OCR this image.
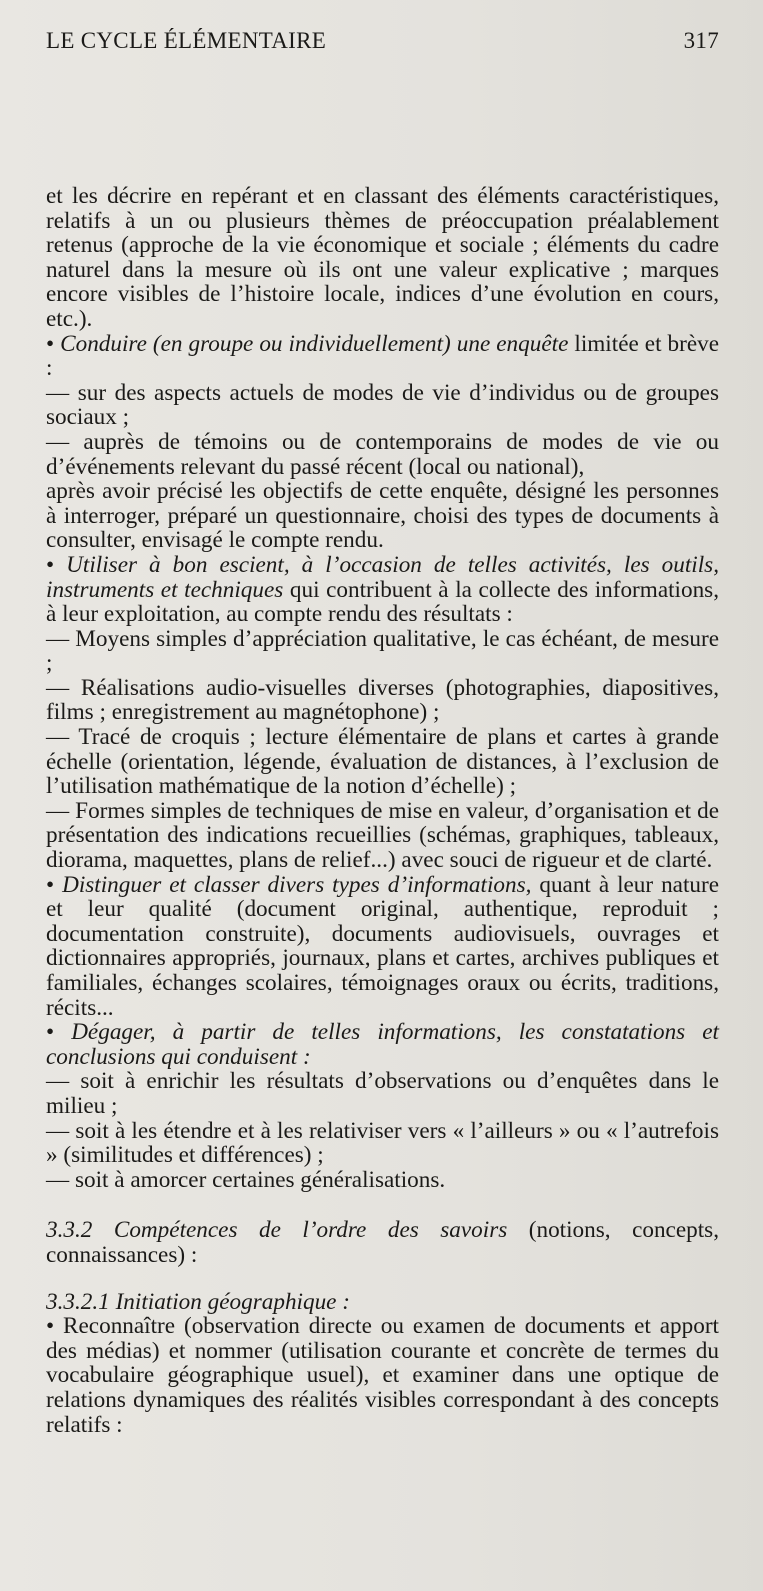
LE CYCLE ÉLÉMENTAIRE	317
et les décrire en repérant et en classant des éléments caractéristiques, relatifs à un ou plusieurs thèmes de préoccupation préalablement retenus (approche de la vie économique et sociale ; éléments du cadre naturel dans la mesure où ils ont une valeur explicative ; marques encore visibles de l’histoire locale, indices d’une évolution en cours, etc.).
• Conduire (en groupe ou individuellement) une enquête limitée et brève :
— sur des aspects actuels de modes de vie d’individus ou de groupes sociaux ;
— auprès de témoins ou de contemporains de modes de vie ou d’événements relevant du passé récent (local ou national),
après avoir précisé les objectifs de cette enquête, désigné les personnes à interroger, préparé un questionnaire, choisi des types de documents à consulter, envisagé le compte rendu.
• Utiliser à bon escient, à l’occasion de telles activités, les outils, instruments et techniques qui contribuent à la collecte des informations, à leur exploitation, au compte rendu des résultats :
— Moyens simples d’appréciation qualitative, le cas échéant, de mesure ;
— Réalisations audio-visuelles diverses (photographies, diapositives, films ; enregistrement au magnétophone) ;
— Tracé de croquis ; lecture élémentaire de plans et cartes à grande échelle (orientation, légende, évaluation de distances, à l’exclusion de l’utilisation mathématique de la notion d’échelle) ;
— Formes simples de techniques de mise en valeur, d’organisation et de présentation des indications recueillies (schémas, graphiques, tableaux, diorama, maquettes, plans de relief...) avec souci de rigueur et de clarté.
• Distinguer et classer divers types d’informations, quant à leur nature et leur qualité (document original, authentique, reproduit ; documentation construite), documents audiovisuels, ouvrages et dictionnaires appropriés, journaux, plans et cartes, archives publiques et familiales, échanges scolaires, témoignages oraux ou écrits, traditions, récits...
• Dégager, à partir de telles informations, les constatations et conclusions qui conduisent :
— soit à enrichir les résultats d’observations ou d’enquêtes dans le milieu ;
— soit à les étendre et à les relativiser vers « l’ailleurs » ou « l’autrefois » (similitudes et différences) ;
— soit à amorcer certaines généralisations.
3.3.2 Compétences de l’ordre des savoirs (notions, concepts, connaissances) :
3.3.2.1 Initiation géographique :
• Reconnaître (observation directe ou examen de documents et apport des médias) et nommer (utilisation courante et concrète de termes du vocabulaire géographique usuel), et examiner dans une optique de relations dynamiques des réalités visibles correspondant à des concepts relatifs :
